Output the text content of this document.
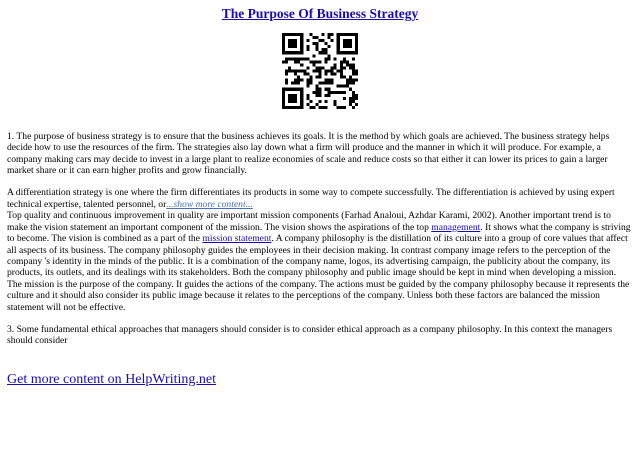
The Purpose Of Business Strategy

1. The purpose of business strategy is to ensure that the business achieves its goals. It is the method by which goals are achieved. The business strategy helps decide how to use the resources of the firm. The strategies also lay down what a firm will produce and the manner in which it will produce. For example, a company making cars may decide to invest in a large plant to realize economies of scale and reduce costs so that either it can lower its prices to gain a larger market share or it can earn higher profits and grow financially.

A differentiation strategy is one where the firm differentiates its products in some way to compete successfully. The differentiation is achieved by using expert technical expertise, talented personnel, or...show more content...

Top quality and continuous improvement in quality are important mission components (Farhad Analoui, Azhdar Karami, 2002). Another important trend is to make the vision statement an important component of the mission. The vision shows the aspirations of the top management. It shows what the company is striving to become. The vision is combined as a part of the mission statement. A company philosophy is the distillation of its culture into a group of core values that affect all aspects of its business. The company philosophy guides the employees in their decision making. In contrast company image refers to the perception of the company 's identity in the minds of the public. It is a combination of the company name, logos, its advertising campaign, the publicity about the company, its products, its outlets, and its dealings with its stakeholders. Both the company philosophy and public image should be kept in mind when developing a mission. The mission is the purpose of the company. It guides the actions of the company. The actions must be guided by the company philosophy because it represents the culture and it should also consider its public image because it relates to the perceptions of the company. Unless both these factors are balanced the mission statement will not be effective.

3. Some fundamental ethical approaches that managers should consider is to consider ethical approach as a company philosophy. In this context the managers should consider

Get more content on HelpWriting.net
